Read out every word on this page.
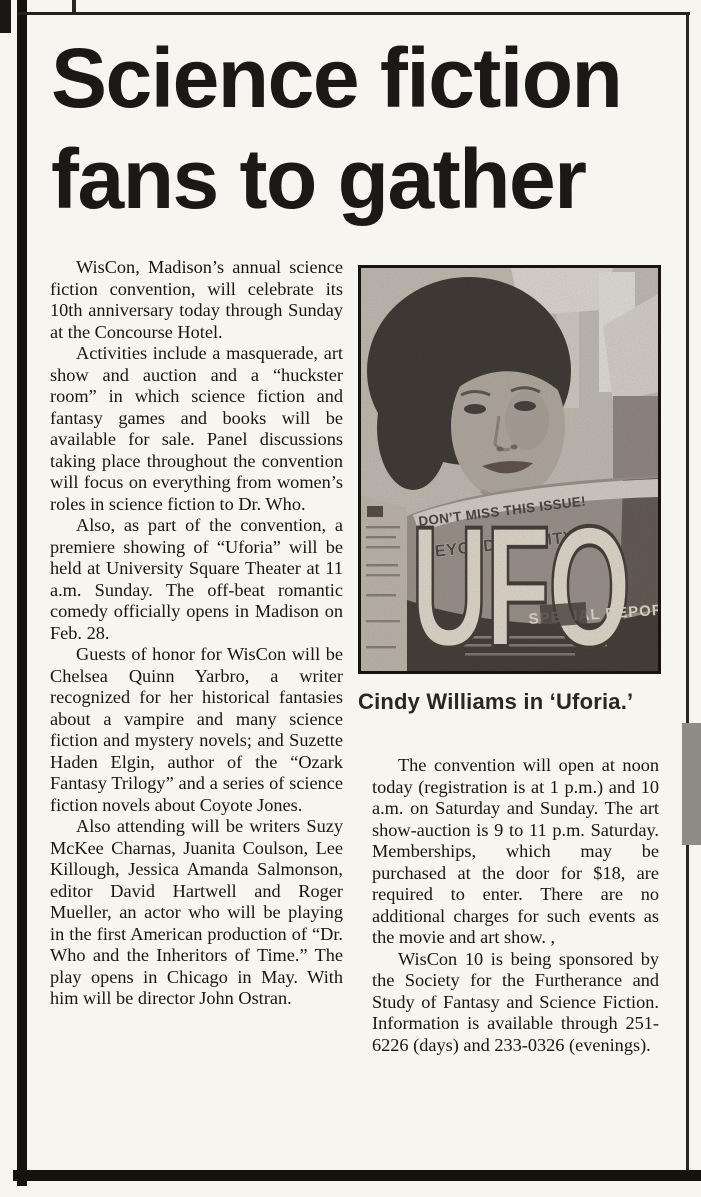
Science fiction
fans to gather

WisCon, Madison’s annual science fiction convention, will celebrate its 10th anniversary today through Sunday at the Concourse Hotel.

Activities include a masquerade, art show and auction and a “huckster room” in which science fiction and fantasy games and books will be available for sale. Panel discussions taking place throughout the convention will focus on everything from women’s roles in science fiction to Dr. Who.

Also, as part of the convention, a premiere showing of “Uforia” will be held at University Square Theater at 11 a.m. Sunday. The off-beat romantic comedy officially opens in Madison on Feb. 28.

Guests of honor for WisCon will be Chelsea Quinn Yarbro, a writer recognized for her historical fantasies about a vampire and many science fiction and mystery novels; and Suzette Haden Elgin, author of the “Ozark Fantasy Trilogy” and a series of science fiction novels about Coyote Jones.

Also attending will be writers Suzy McKee Charnas, Juanita Coulson, Lee Killough, Jessica Amanda Salmonson, editor David Hartwell and Roger Mueller, an actor who will be playing in the first American production of “Dr. Who and the Inheritors of Time.” The play opens in Chicago in May. With him will be director John Ostran.

Cindy Williams in ‘Uforia.’

The convention will open at noon today (registration is at 1 p.m.) and 10 a.m. on Saturday and Sunday. The art show-auction is 9 to 11 p.m. Saturday. Memberships, which may be purchased at the door for $18, are required to enter. There are no additional charges for such events as the movie and art show. ,

WisCon 10 is being sponsored by the Society for the Furtherance and Study of Fantasy and Science Fiction. Information is available through 251-6226 (days) and 233-0326 (evenings).
